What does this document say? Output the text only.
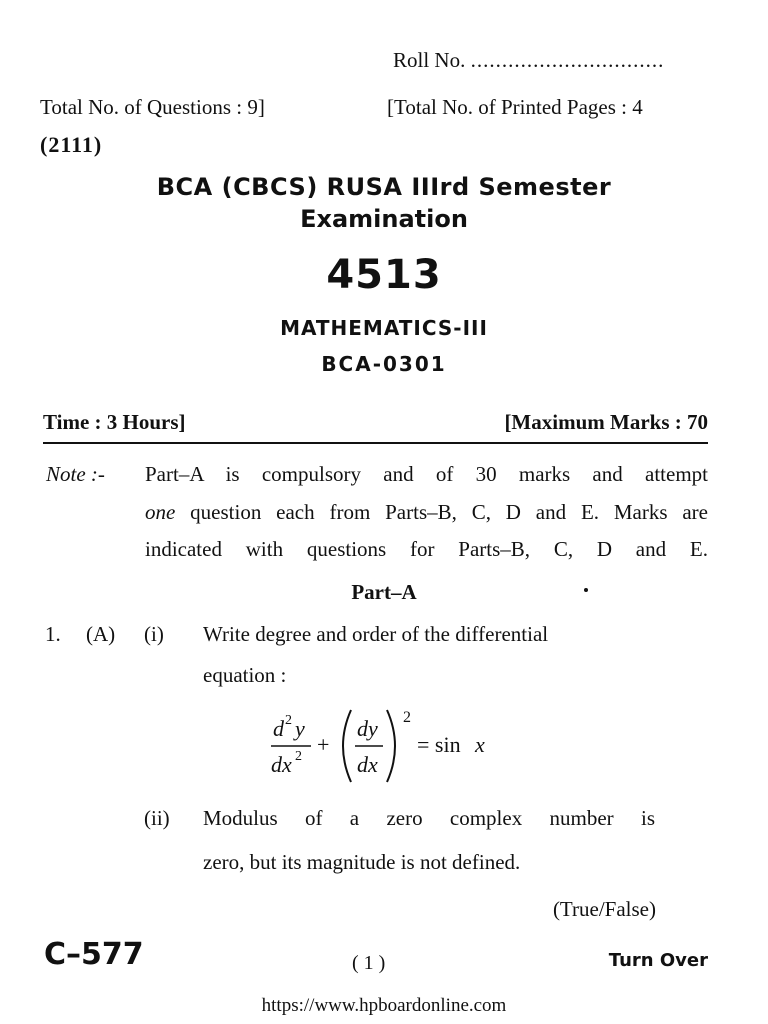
Roll No. ...............................
Total No. of Questions : 9]	[Total No. of Printed Pages : 4
(2111)
BCA (CBCS) RUSA IIIrd Semester
Examination
4513
MATHEMATICS-III
BCA-0301
Time : 3 Hours]	[Maximum Marks : 70
Note :- Part–A is compulsory and of 30 marks and attempt
one question each from Parts–B, C, D and E. Marks are
indicated with questions for Parts–B, C, D and E.
Part–A
1. (A) (i) Write degree and order of the differential
equation :
d 2 y
dx 2 +
dy
dx
2
= sin x
(ii) Modulus of a zero complex number is
zero, but its magnitude is not defined.
(True/False)
C–577	( 1 )	Turn Over
https://www.hpboardonline.com
